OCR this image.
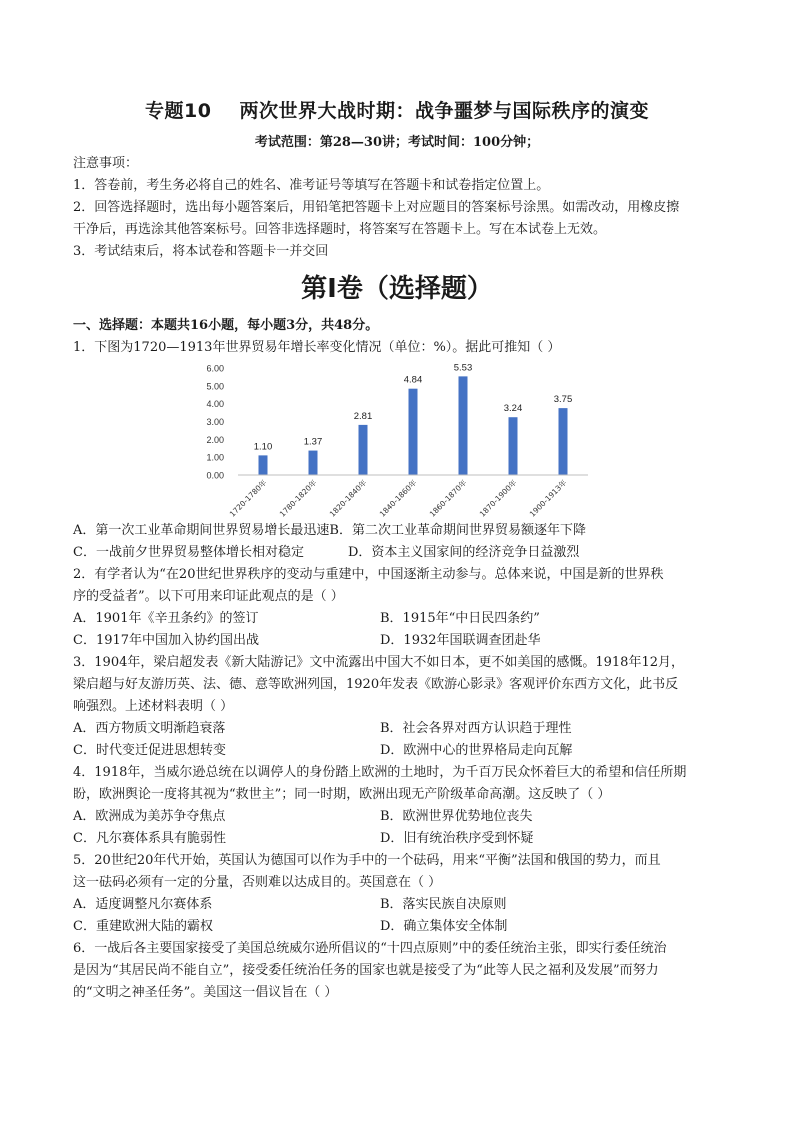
专题10 两次世界大战时期：战争噩梦与国际秩序的演变
考试范围：第28—30讲；考试时间：100分钟；
注意事项：
1．答卷前，考生务必将自己的姓名、准考证号等填写在答题卡和试卷指定位置上。
2．回答选择题时，选出每小题答案后，用铅笔把答题卡上对应题目的答案标号涂黑。如需改动，用橡皮擦
干净后，再选涂其他答案标号。回答非选择题时，将答案写在答题卡上。写在本试卷上无效。
3．考试结束后，将本试卷和答题卡一并交回
第I卷（选择题）
一、选择题：本题共16小题，每小题3分，共48分。
1．下图为1720—1913年世界贸易年增长率变化情况（单位：%）。据此可推知（ ）
0.00
1.00
2.00
3.00
4.00
5.00
6.00
1.10	1.37
2.81
4.84
5.53
3.24
3.75
1720-1780年 1780-1820年 1820-1840年 1840-1860年 1860-1870年 1870-1900年 1900-1913年
A．第一次工业革命期间世界贸易增长最迅速 B．第二次工业革命期间世界贸易额逐年下降
C．一战前夕世界贸易整体增长相对稳定	D．资本主义国家间的经济竞争日益激烈
2．有学者认为“在20世纪世界秩序的变动与重建中，中国逐渐主动参与。总体来说，中国是新的世界秩
序的受益者”。以下可用来印证此观点的是（ ）
A．1901年《辛丑条约》的签订	B．1915年“中日民四条约”
C．1917年中国加入协约国出战	D．1932年国联调查团赴华
3．1904年，梁启超发表《新大陆游记》文中流露出中国大不如日本，更不如美国的感慨。1918年12月，
梁启超与好友游历英、法、德、意等欧洲列国，1920年发表《欧游心影录》客观评价东西方文化，此书反
响强烈。上述材料表明（ ）
A．西方物质文明渐趋衰落	B．社会各界对西方认识趋于理性
C．时代变迁促进思想转变	D．欧洲中心的世界格局走向瓦解
4．1918年，当威尔逊总统在以调停人的身份踏上欧洲的土地时，为千百万民众怀着巨大的希望和信任所期
盼，欧洲舆论一度将其视为“救世主”；同一时期，欧洲出现无产阶级革命高潮。这反映了（ ）
A．欧洲成为美苏争夺焦点	B．欧洲世界优势地位丧失
C．凡尔赛体系具有脆弱性	D．旧有统治秩序受到怀疑
5．20世纪20年代开始，英国认为德国可以作为手中的一个砝码，用来“平衡”法国和俄国的势力，而且
这一砝码必须有一定的分量，否则难以达成目的。英国意在（ ）
A．适度调整凡尔赛体系	B．落实民族自决原则
C．重建欧洲大陆的霸权	D．确立集体安全体制
6．一战后各主要国家接受了美国总统威尔逊所倡议的“十四点原则”中的委任统治主张，即实行委任统治
是因为“其居民尚不能自立”，接受委任统治任务的国家也就是接受了为“此等人民之福利及发展”而努力
的“文明之神圣任务”。美国这一倡议旨在（ ）
